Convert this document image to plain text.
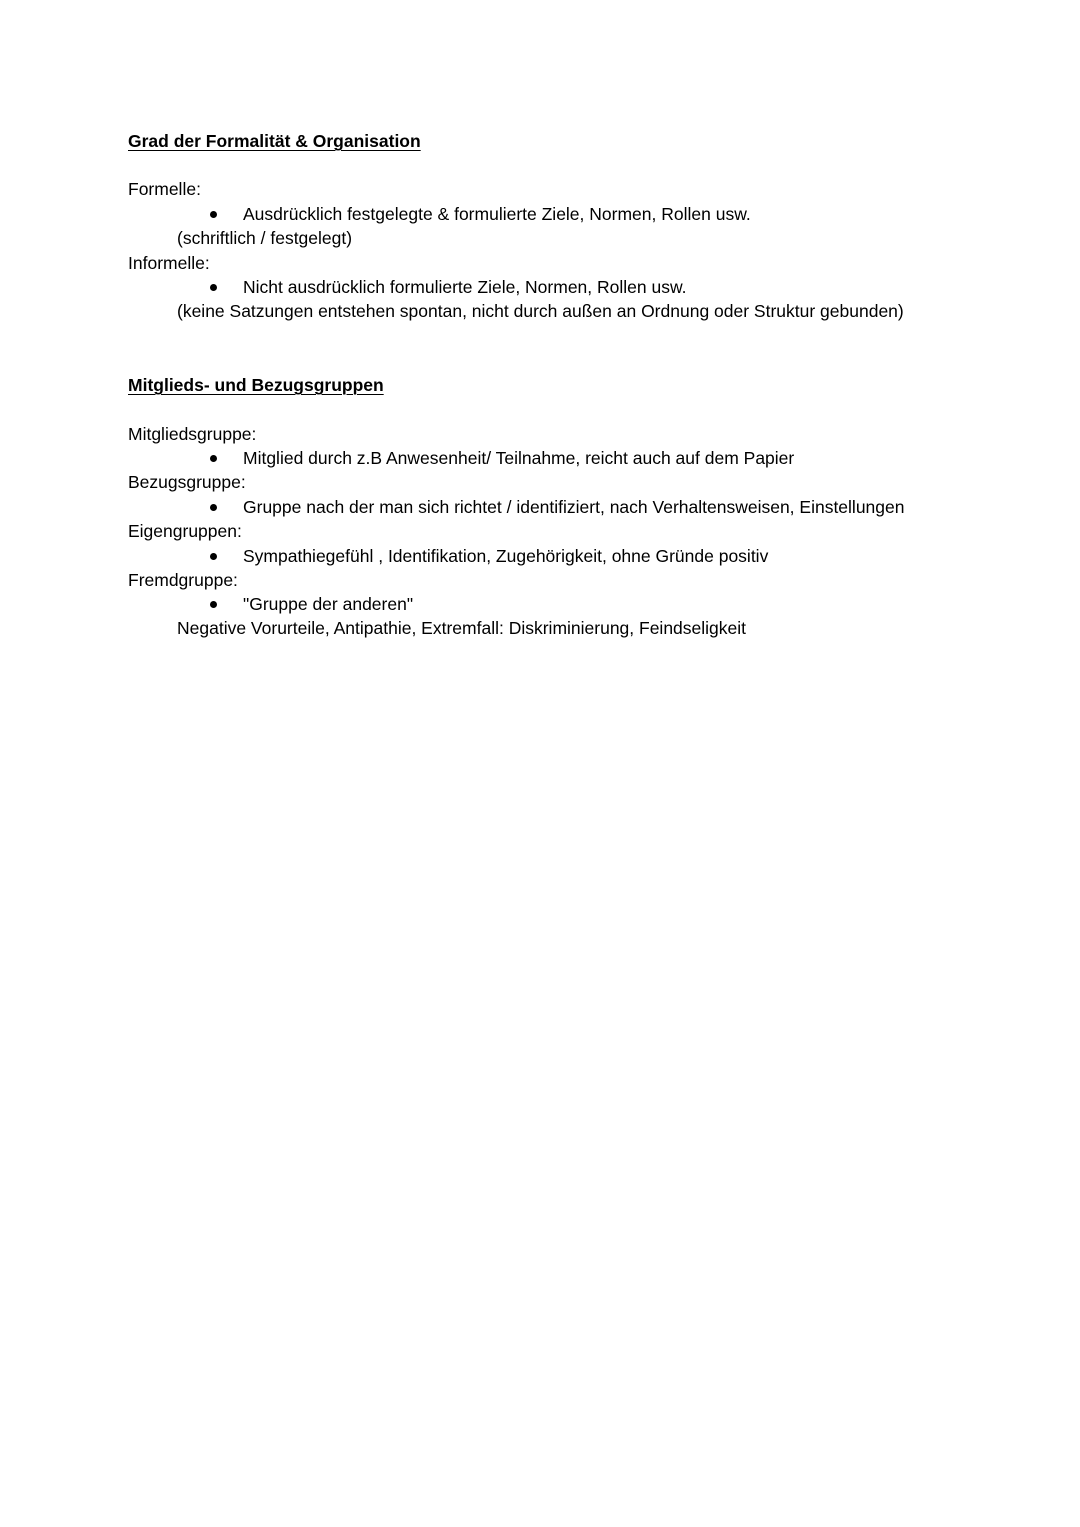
Grad der Formalität & Organisation
Formelle:
Ausdrücklich festgelegte & formulierte Ziele, Normen, Rollen usw.
(schriftlich / festgelegt)
Informelle:
Nicht ausdrücklich formulierte Ziele, Normen, Rollen usw.
(keine Satzungen entstehen spontan, nicht durch außen an Ordnung oder Struktur gebunden)
Mitglieds- und Bezugsgruppen
Mitgliedsgruppe:
Mitglied durch z.B Anwesenheit/ Teilnahme, reicht auch auf dem Papier
Bezugsgruppe:
Gruppe nach der man sich richtet / identifiziert, nach Verhaltensweisen, Einstellungen
Eigengruppen:
Sympathiegefühl , Identifikation, Zugehörigkeit, ohne Gründe positiv
Fremdgruppe:
"Gruppe der anderen"
Negative Vorurteile, Antipathie, Extremfall: Diskriminierung, Feindseligkeit
